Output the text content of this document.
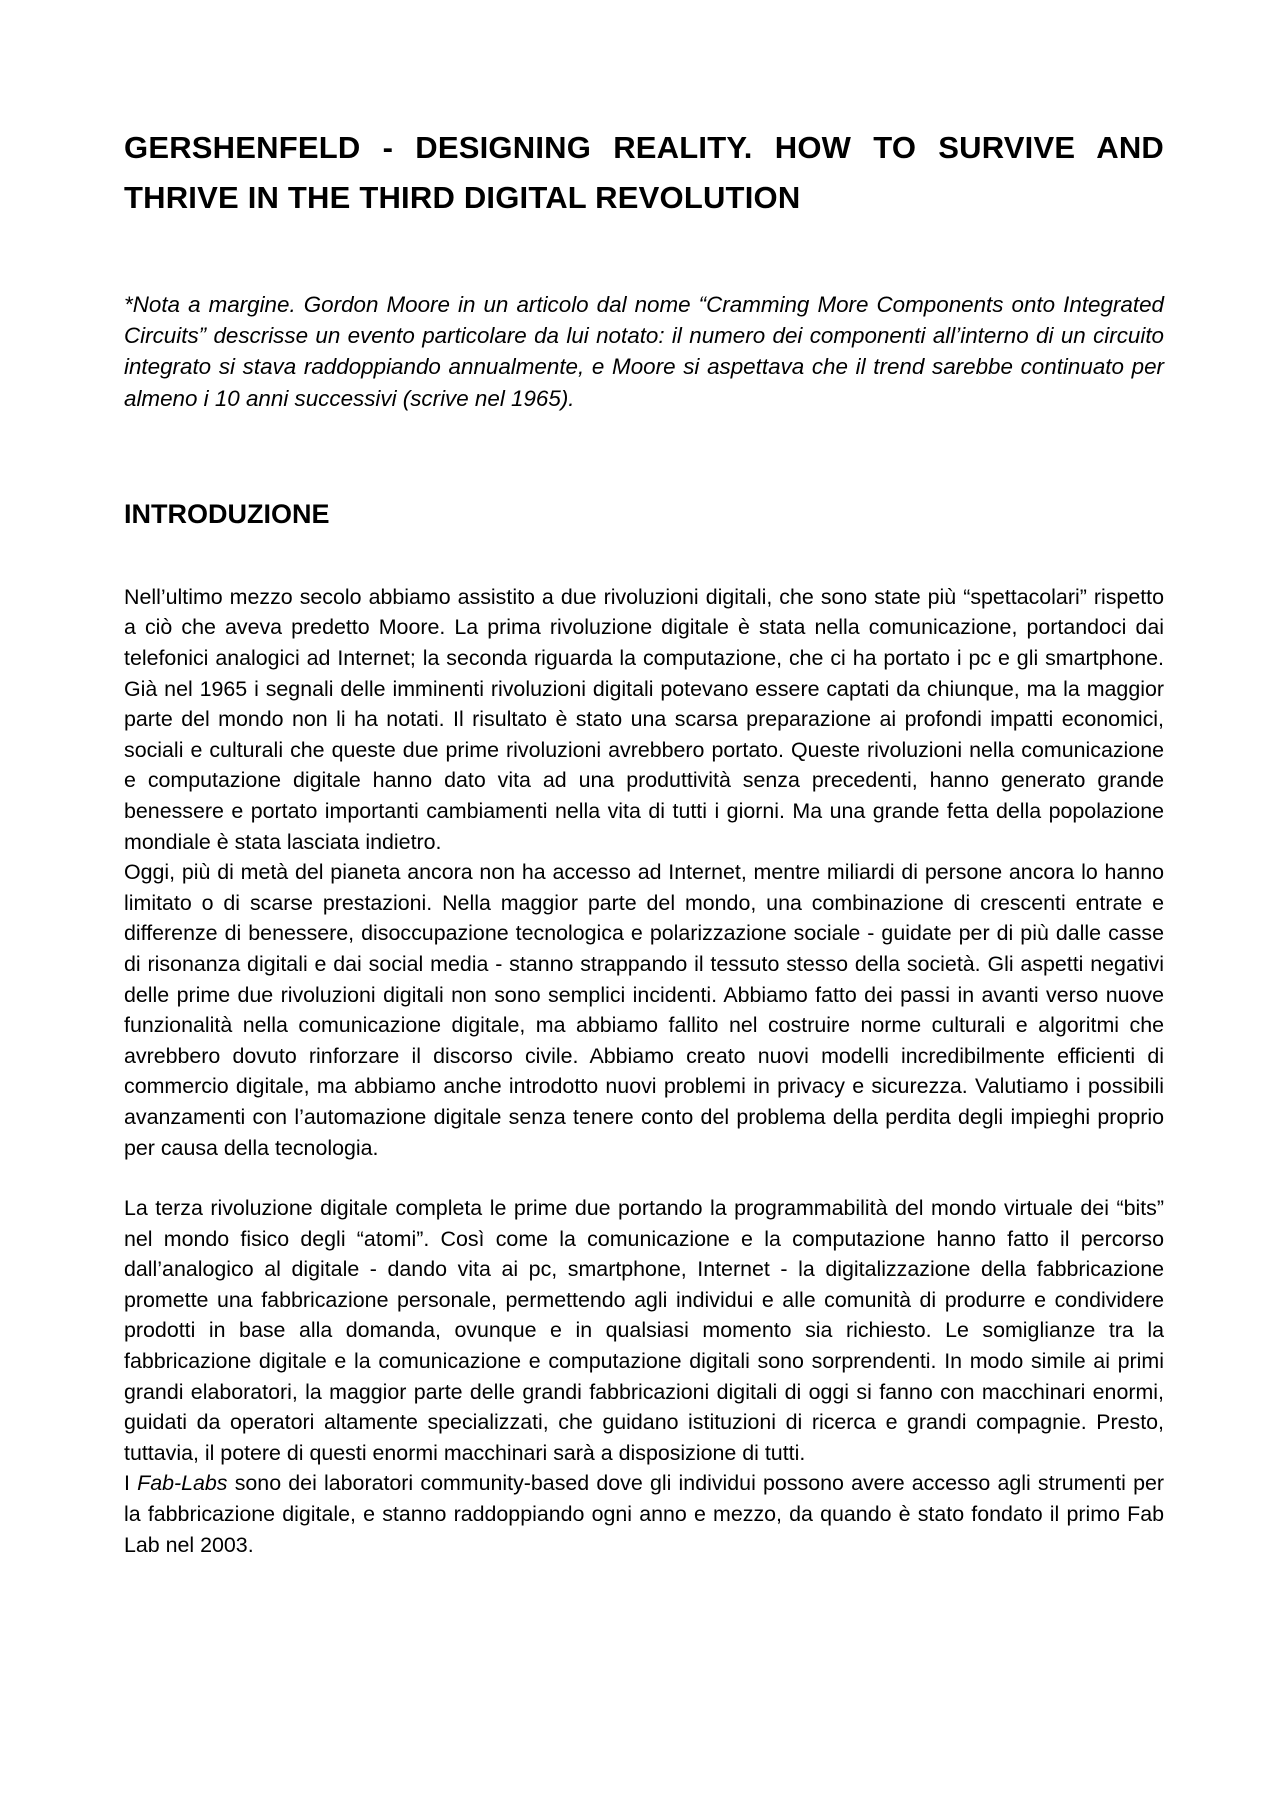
GERSHENFELD - DESIGNING REALITY. HOW TO SURVIVE AND THRIVE IN THE THIRD DIGITAL REVOLUTION

*Nota a margine. Gordon Moore in un articolo dal nome “Cramming More Components onto Integrated Circuits” descrisse un evento particolare da lui notato: il numero dei componenti all’interno di un circuito integrato si stava raddoppiando annualmente, e Moore si aspettava che il trend sarebbe continuato per almeno i 10 anni successivi (scrive nel 1965).

INTRODUZIONE

Nell’ultimo mezzo secolo abbiamo assistito a due rivoluzioni digitali, che sono state più “spettacolari” rispetto a ciò che aveva predetto Moore. La prima rivoluzione digitale è stata nella comunicazione, portandoci dai telefonici analogici ad Internet; la seconda riguarda la computazione, che ci ha portato i pc e gli smartphone. Già nel 1965 i segnali delle imminenti rivoluzioni digitali potevano essere captati da chiunque, ma la maggior parte del mondo non li ha notati. Il risultato è stato una scarsa preparazione ai profondi impatti economici, sociali e culturali che queste due prime rivoluzioni avrebbero portato. Queste rivoluzioni nella comunicazione e computazione digitale hanno dato vita ad una produttività senza precedenti, hanno generato grande benessere e portato importanti cambiamenti nella vita di tutti i giorni. Ma una grande fetta della popolazione mondiale è stata lasciata indietro.

Oggi, più di metà del pianeta ancora non ha accesso ad Internet, mentre miliardi di persone ancora lo hanno limitato o di scarse prestazioni. Nella maggior parte del mondo, una combinazione di crescenti entrate e differenze di benessere, disoccupazione tecnologica e polarizzazione sociale - guidate per di più dalle casse di risonanza digitali e dai social media - stanno strappando il tessuto stesso della società. Gli aspetti negativi delle prime due rivoluzioni digitali non sono semplici incidenti. Abbiamo fatto dei passi in avanti verso nuove funzionalità nella comunicazione digitale, ma abbiamo fallito nel costruire norme culturali e algoritmi che avrebbero dovuto rinforzare il discorso civile. Abbiamo creato nuovi modelli incredibilmente efficienti di commercio digitale, ma abbiamo anche introdotto nuovi problemi in privacy e sicurezza. Valutiamo i possibili avanzamenti con l’automazione digitale senza tenere conto del problema della perdita degli impieghi proprio per causa della tecnologia.

La terza rivoluzione digitale completa le prime due portando la programmabilità del mondo virtuale dei “bits” nel mondo fisico degli “atomi”. Così come la comunicazione e la computazione hanno fatto il percorso dall’analogico al digitale - dando vita ai pc, smartphone, Internet - la digitalizzazione della fabbricazione promette una fabbricazione personale, permettendo agli individui e alle comunità di produrre e condividere prodotti in base alla domanda, ovunque e in qualsiasi momento sia richiesto. Le somiglianze tra la fabbricazione digitale e la comunicazione e computazione digitali sono sorprendenti. In modo simile ai primi grandi elaboratori, la maggior parte delle grandi fabbricazioni digitali di oggi si fanno con macchinari enormi, guidati da operatori altamente specializzati, che guidano istituzioni di ricerca e grandi compagnie. Presto, tuttavia, il potere di questi enormi macchinari sarà a disposizione di tutti.

I Fab-Labs sono dei laboratori community-based dove gli individui possono avere accesso agli strumenti per la fabbricazione digitale, e stanno raddoppiando ogni anno e mezzo, da quando è stato fondato il primo Fab Lab nel 2003.
